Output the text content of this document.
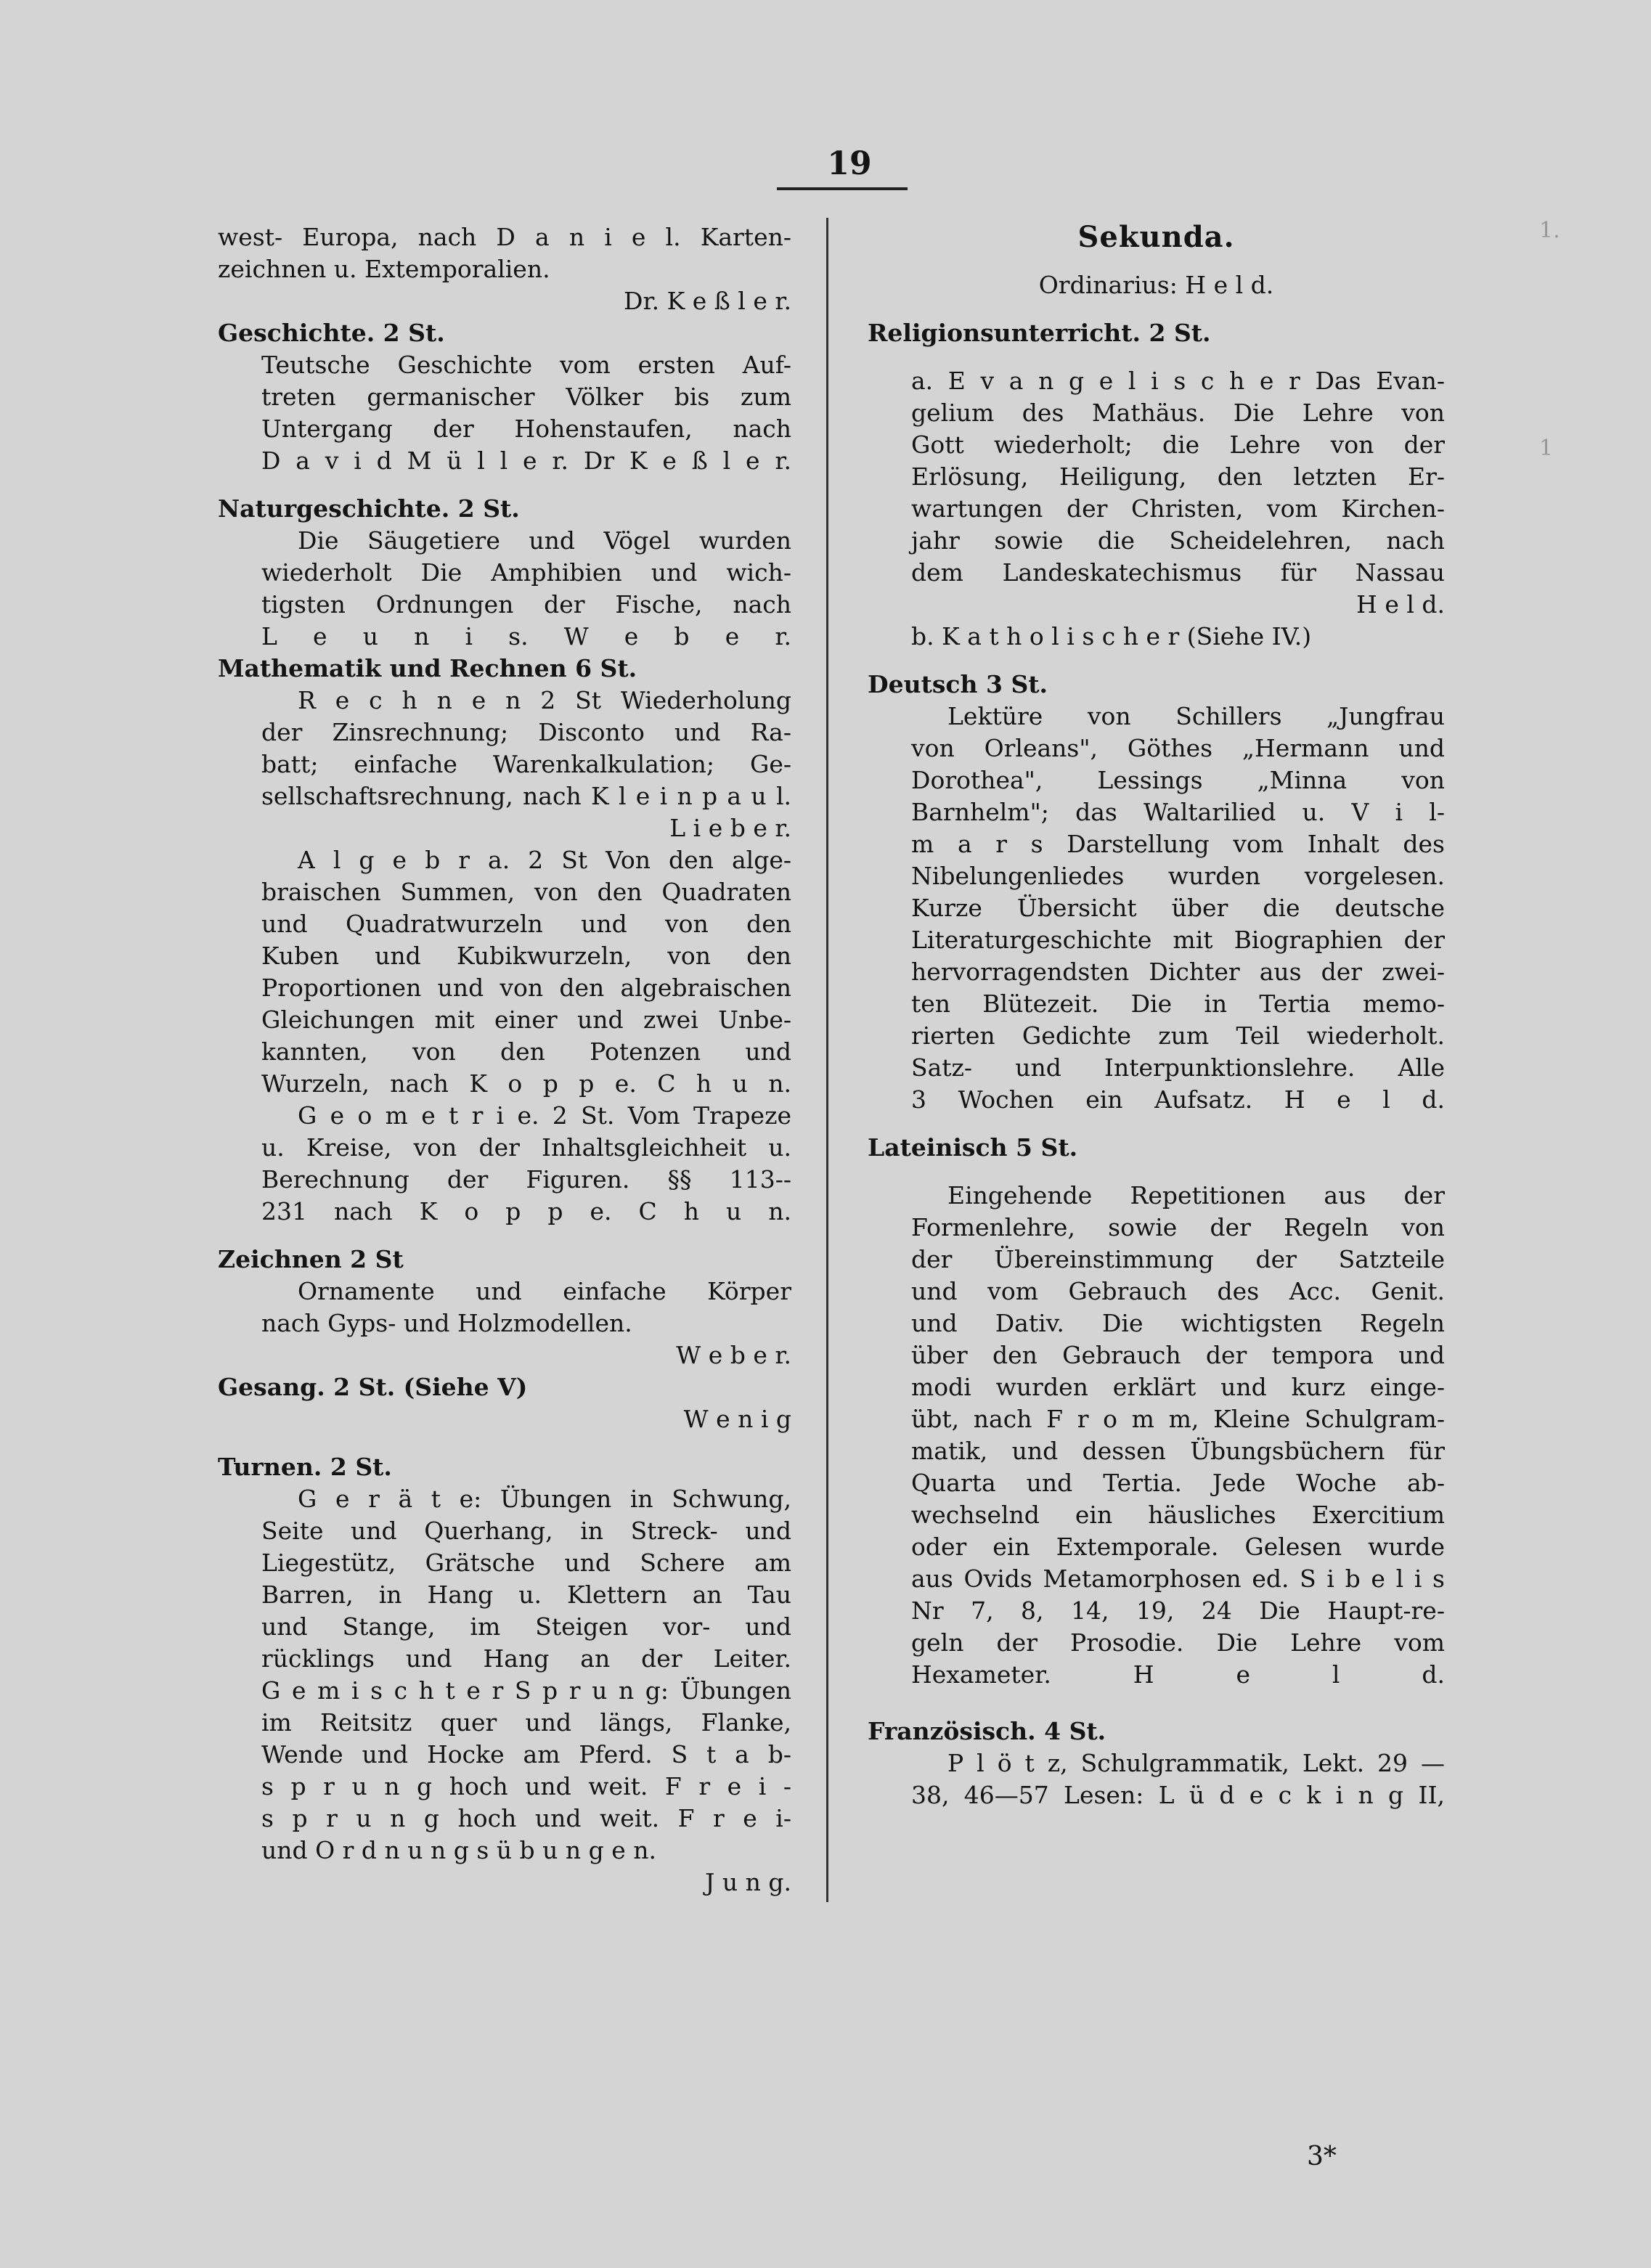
19
1.
1
west- Europa, nach D a n i e l. Karten-
zeichnen u. Extemporalien.
Dr. K e ß l e r.
Geschichte. 2 St.
Teutsche Geschichte vom ersten Auf-
treten germanischer Völker bis zum
Untergang der Hohenstaufen, nach
D a v i d M ü l l e r. Dr K e ß l e r.
Naturgeschichte. 2 St.
Die Säugetiere und Vögel wurden
wiederholt Die Amphibien und wich-
tigsten Ordnungen der Fische, nach
L e u n i s. W e b e r.
Mathematik und Rechnen 6 St.
R e c h n e n 2 St Wiederholung
der Zinsrechnung; Disconto und Ra-
batt; einfache Warenkalkulation; Ge-
sellschaftsrechnung, nach K l e i n p a u l.
L i e b e r.
A l g e b r a. 2 St Von den alge-
braischen Summen, von den Quadraten
und Quadratwurzeln und von den
Kuben und Kubikwurzeln, von den
Proportionen und von den algebraischen
Gleichungen mit einer und zwei Unbe-
kannten, von den Potenzen und
Wurzeln, nach K o p p e. C h u n.
G e o m e t r i e. 2 St. Vom Trapeze
u. Kreise, von der Inhaltsgleichheit u.
Berechnung der Figuren. §§ 113--
231 nach K o p p e. C h u n.
Zeichnen 2 St
Ornamente und einfache Körper
nach Gyps- und Holzmodellen.
W e b e r.
Gesang. 2 St. (Siehe V)
W e n i g
Turnen. 2 St.
G e r ä t e: Übungen in Schwung,
Seite und Querhang, in Streck- und
Liegestütz, Grätsche und Schere am
Barren, in Hang u. Klettern an Tau
und Stange, im Steigen vor- und
rücklings und Hang an der Leiter.
G e m i s c h t e r S p r u n g: Übungen
im Reitsitz quer und längs, Flanke,
Wende und Hocke am Pferd. S t a b-
s p r u n g hoch und weit. F r e i -
s p r u n g hoch und weit. F r e i-
und O r d n u n g s ü b u n g e n.
J u n g.
Sekunda.
Ordinarius: H e l d.
Religionsunterricht. 2 St.
a. E v a n g e l i s c h e r Das Evan-
gelium des Mathäus. Die Lehre von
Gott wiederholt; die Lehre von der
Erlösung, Heiligung, den letzten Er-
wartungen der Christen, vom Kirchen-
jahr sowie die Scheidelehren, nach
dem Landeskatechismus für Nassau
H e l d.
b. K a t h o l i s c h e r (Siehe IV.)
Deutsch 3 St.
Lektüre von Schillers „Jungfrau
von Orleans", Göthes „Hermann und
Dorothea", Lessings „Minna von
Barnhelm"; das Waltarilied u. V i l-
m a r s Darstellung vom Inhalt des
Nibelungenliedes wurden vorgelesen.
Kurze Übersicht über die deutsche
Literaturgeschichte mit Biographien der
hervorragendsten Dichter aus der zwei-
ten Blütezeit. Die in Tertia memo-
rierten Gedichte zum Teil wiederholt.
Satz- und Interpunktionslehre. Alle
3 Wochen ein Aufsatz. H e l d.
Lateinisch 5 St.
Eingehende Repetitionen aus der
Formenlehre, sowie der Regeln von
der Übereinstimmung der Satzteile
und vom Gebrauch des Acc. Genit.
und Dativ. Die wichtigsten Regeln
über den Gebrauch der tempora und
modi wurden erklärt und kurz einge-
übt, nach F r o m m, Kleine Schulgram-
matik, und dessen Übungsbüchern für
Quarta und Tertia. Jede Woche ab-
wechselnd ein häusliches Exercitium
oder ein Extemporale. Gelesen wurde
aus Ovids Metamorphosen ed. S i b e l i s
Nr 7, 8, 14, 19, 24 Die Haupt-re-
geln der Prosodie. Die Lehre vom
Hexameter. H e l d.
Französisch. 4 St.
P l ö t z, Schulgrammatik, Lekt. 29 —
38, 46—57 Lesen: L ü d e c k i n g II,
3*
